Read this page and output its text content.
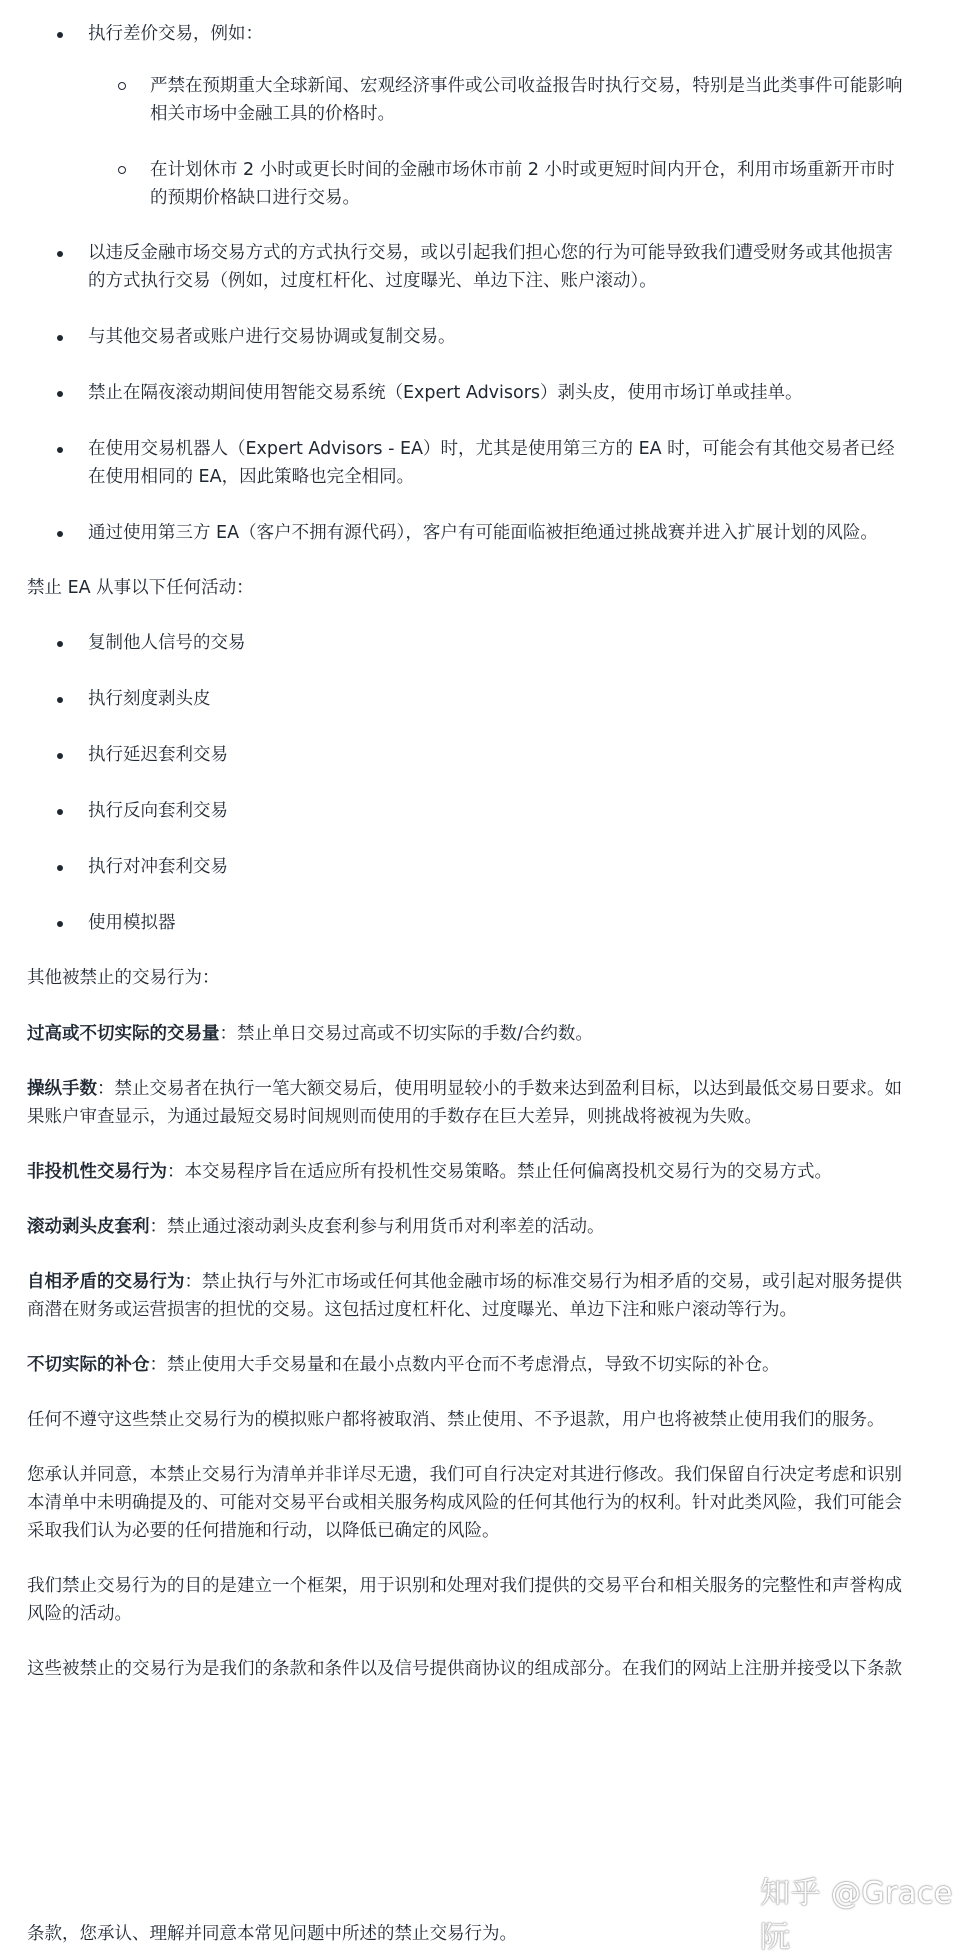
执行差价交易，例如：
严禁在预期重大全球新闻、宏观经济事件或公司收益报告时执行交易，特别是当此类事件可能影响相关市场中金融工具的价格时。
在计划休市 2 小时或更长时间的金融市场休市前 2 小时或更短时间内开仓，利用市场重新开市时的预期价格缺口进行交易。
以违反金融市场交易方式的方式执行交易，或以引起我们担心您的行为可能导致我们遭受财务或其他损害的方式执行交易（例如，过度杠杆化、过度曝光、单边下注、账户滚动）。
与其他交易者或账户进行交易协调或复制交易。
禁止在隔夜滚动期间使用智能交易系统（Expert Advisors）剥头皮，使用市场订单或挂单。
在使用交易机器人（Expert Advisors - EA）时，尤其是使用第三方的 EA 时，可能会有其他交易者已经在使用相同的 EA，因此策略也完全相同。
通过使用第三方 EA（客户不拥有源代码），客户有可能面临被拒绝通过挑战赛并进入扩展计划的风险。

禁止 EA 从事以下任何活动：

复制他人信号的交易
执行刻度剥头皮
执行延迟套利交易
执行反向套利交易
执行对冲套利交易
使用模拟器

其他被禁止的交易行为：

过高或不切实际的交易量：禁止单日交易过高或不切实际的手数/合约数。

操纵手数：禁止交易者在执行一笔大额交易后，使用明显较小的手数来达到盈利目标，以达到最低交易日要求。如果账户审查显示，为通过最短交易时间规则而使用的手数存在巨大差异，则挑战将被视为失败。

非投机性交易行为：本交易程序旨在适应所有投机性交易策略。禁止任何偏离投机交易行为的交易方式。

滚动剥头皮套利：禁止通过滚动剥头皮套利参与利用货币对利率差的活动。

自相矛盾的交易行为：禁止执行与外汇市场或任何其他金融市场的标准交易行为相矛盾的交易，或引起对服务提供商潜在财务或运营损害的担忧的交易。这包括过度杠杆化、过度曝光、单边下注和账户滚动等行为。

不切实际的补仓：禁止使用大手交易量和在最小点数内平仓而不考虑滑点，导致不切实际的补仓。

任何不遵守这些禁止交易行为的模拟账户都将被取消、禁止使用、不予退款，用户也将被禁止使用我们的服务。

您承认并同意，本禁止交易行为清单并非详尽无遗，我们可自行决定对其进行修改。我们保留自行决定考虑和识别本清单中未明确提及的、可能对交易平台或相关服务构成风险的任何其他行为的权利。针对此类风险，我们可能会采取我们认为必要的任何措施和行动，以降低已确定的风险。

我们禁止交易行为的目的是建立一个框架，用于识别和处理对我们提供的交易平台和相关服务的完整性和声誉构成风险的活动。

这些被禁止的交易行为是我们的条款和条件以及信号提供商协议的组成部分。在我们的网站上注册并接受以下条款

条款，您承认、理解并同意本常见问题中所述的禁止交易行为。

知乎 @Grace阮
